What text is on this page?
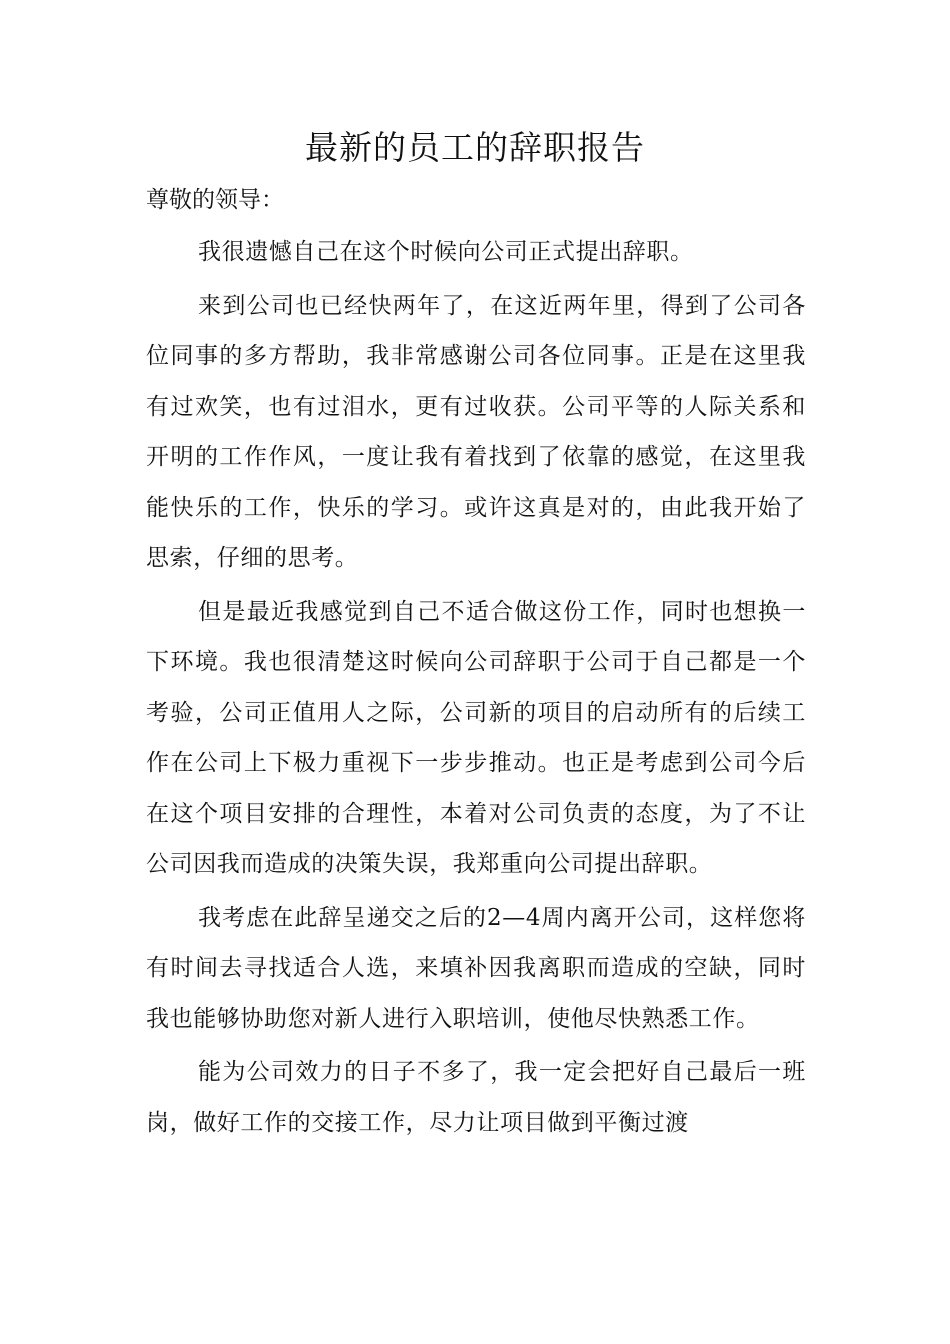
最新的员工的辞职报告

尊敬的领导：

我很遗憾自己在这个时候向公司正式提出辞职。

来到公司也已经快两年了，在这近两年里，得到了公司各位同事的多方帮助，我非常感谢公司各位同事。正是在这里我有过欢笑，也有过泪水，更有过收获。公司平等的人际关系和开明的工作作风，一度让我有着找到了依靠的感觉，在这里我能快乐的工作，快乐的学习。或许这真是对的，由此我开始了思索，仔细的思考。

但是最近我感觉到自己不适合做这份工作，同时也想换一下环境。我也很清楚这时候向公司辞职于公司于自己都是一个考验，公司正值用人之际，公司新的项目的启动所有的后续工作在公司上下极力重视下一步步推动。也正是考虑到公司今后在这个项目安排的合理性，本着对公司负责的态度，为了不让公司因我而造成的决策失误，我郑重向公司提出辞职。

我考虑在此辞呈递交之后的2—4周内离开公司，这样您将有时间去寻找适合人选，来填补因我离职而造成的空缺，同时我也能够协助您对新人进行入职培训，使他尽快熟悉工作。

能为公司效力的日子不多了，我一定会把好自己最后一班岗，做好工作的交接工作，尽力让项目做到平衡过渡
